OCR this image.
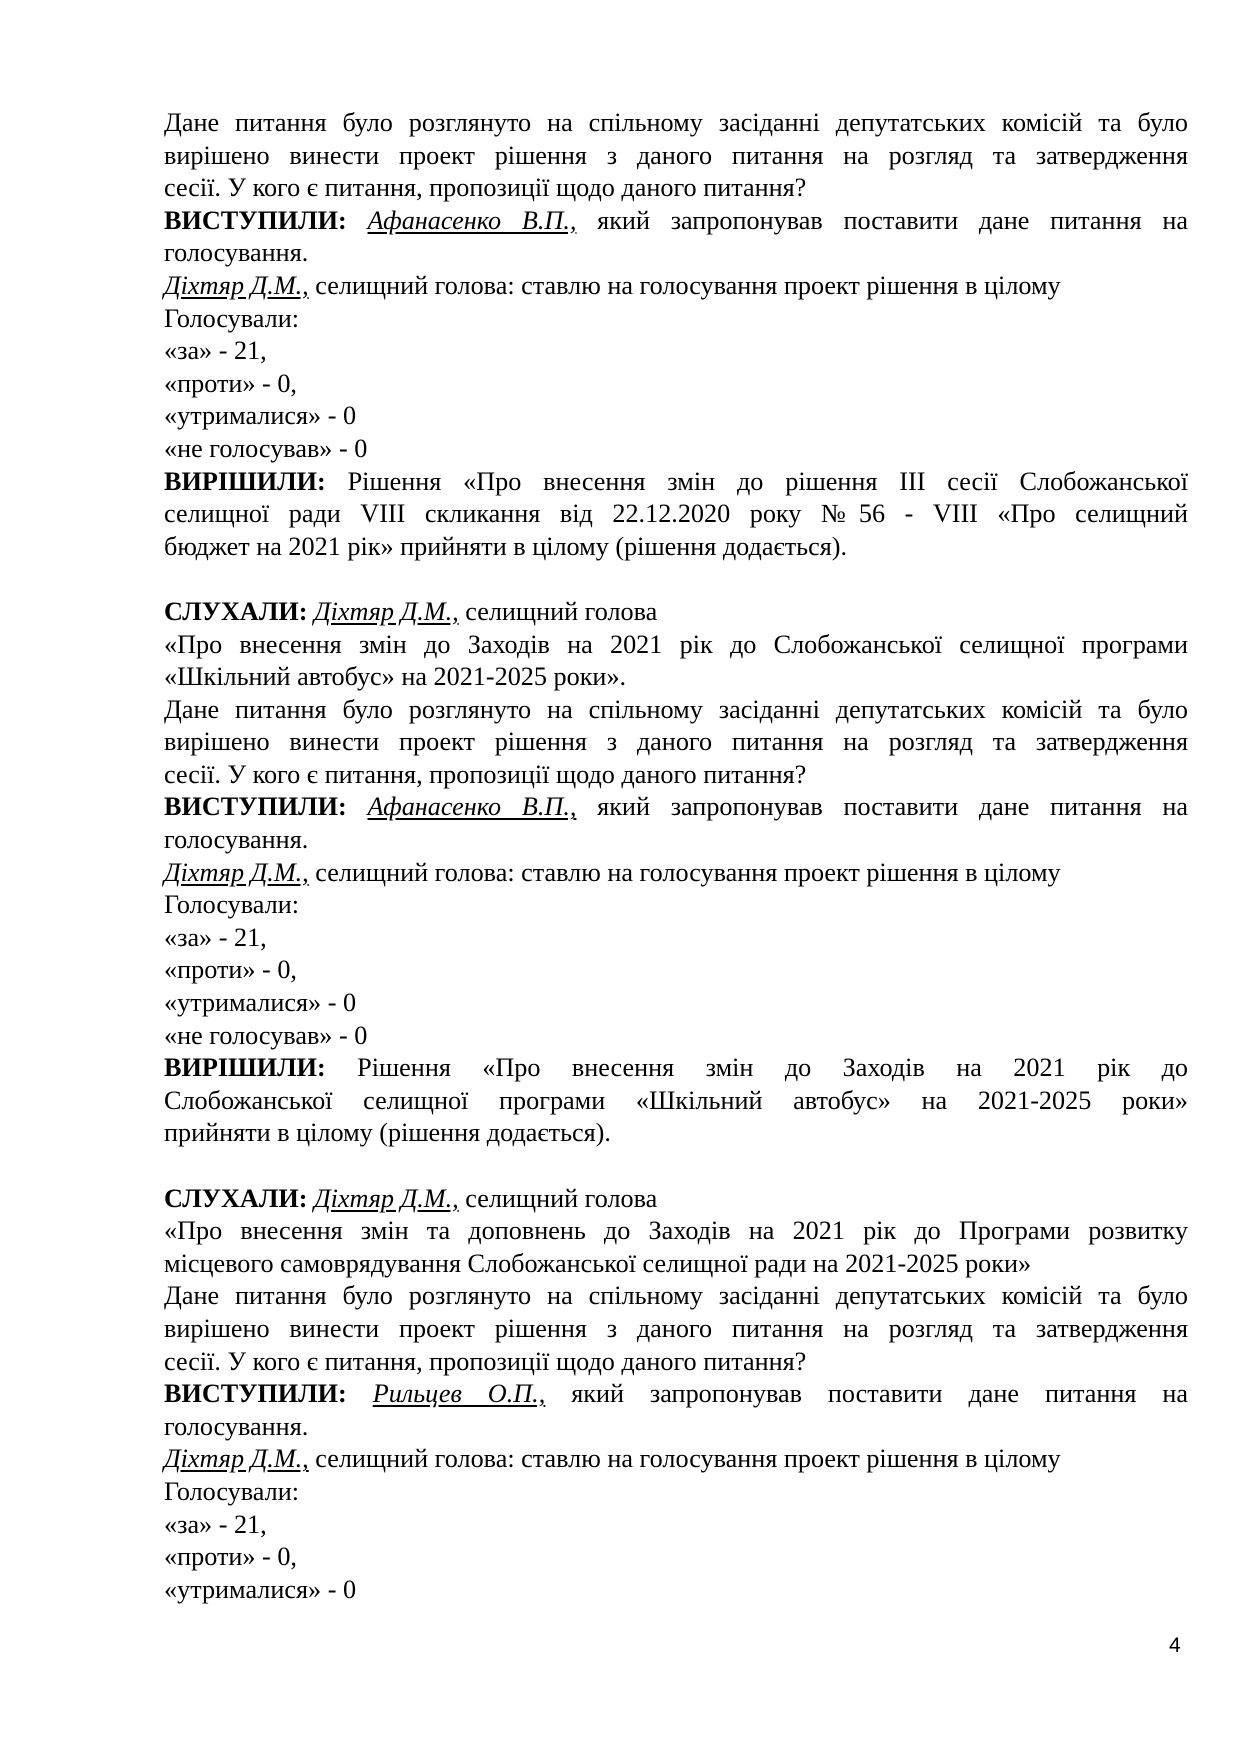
Дане питання було розглянуто на спільному засіданні депутатських комісій та було
вирішено винести проект рішення з даного питання на розгляд та затвердження
сесії. У кого є питання, пропозиції щодо даного питання?
ВИСТУПИЛИ: Афанасенко В.П., який запропонував поставити дане питання на
голосування.
Діхтяр Д.М., селищний голова: ставлю на голосування проект рішення в цілому
Голосували:
«за» - 21,
«проти» - 0,
«утрималися» - 0
«не голосував» - 0
ВИРІШИЛИ: Рішення «Про внесення змін до рішення ІІІ сесії Слобожанської
селищної ради VIII скликання від 22.12.2020 року №56 - VIII «Про селищний
бюджет на 2021 рік» прийняти в цілому (рішення додається).
СЛУХАЛИ: Діхтяр Д.М., селищний голова
«Про внесення змін до Заходів на 2021 рік до Слобожанської селищної програми
«Шкільний автобус» на 2021-2025 роки».
Дане питання було розглянуто на спільному засіданні депутатських комісій та було
вирішено винести проект рішення з даного питання на розгляд та затвердження
сесії. У кого є питання, пропозиції щодо даного питання?
ВИСТУПИЛИ: Афанасенко В.П., який запропонував поставити дане питання на
голосування.
Діхтяр Д.М., селищний голова: ставлю на голосування проект рішення в цілому
Голосували:
«за» - 21,
«проти» - 0,
«утрималися» - 0
«не голосував» - 0
ВИРІШИЛИ: Рішення «Про внесення змін до Заходів на 2021 рік до
Слобожанської селищної програми «Шкільний автобус» на 2021-2025 роки»
прийняти в цілому (рішення додається).
СЛУХАЛИ: Діхтяр Д.М., селищний голова
«Про внесення змін та доповнень до Заходів на 2021 рік до Програми розвитку
місцевого самоврядування Слобожанської селищної ради на 2021-2025 роки»
Дане питання було розглянуто на спільному засіданні депутатських комісій та було
вирішено винести проект рішення з даного питання на розгляд та затвердження
сесії. У кого є питання, пропозиції щодо даного питання?
ВИСТУПИЛИ: Рильцев О.П., який запропонував поставити дане питання на
голосування.
Діхтяр Д.М., селищний голова: ставлю на голосування проект рішення в цілому
Голосували:
«за» - 21,
«проти» - 0,
«утрималися» - 0
4
